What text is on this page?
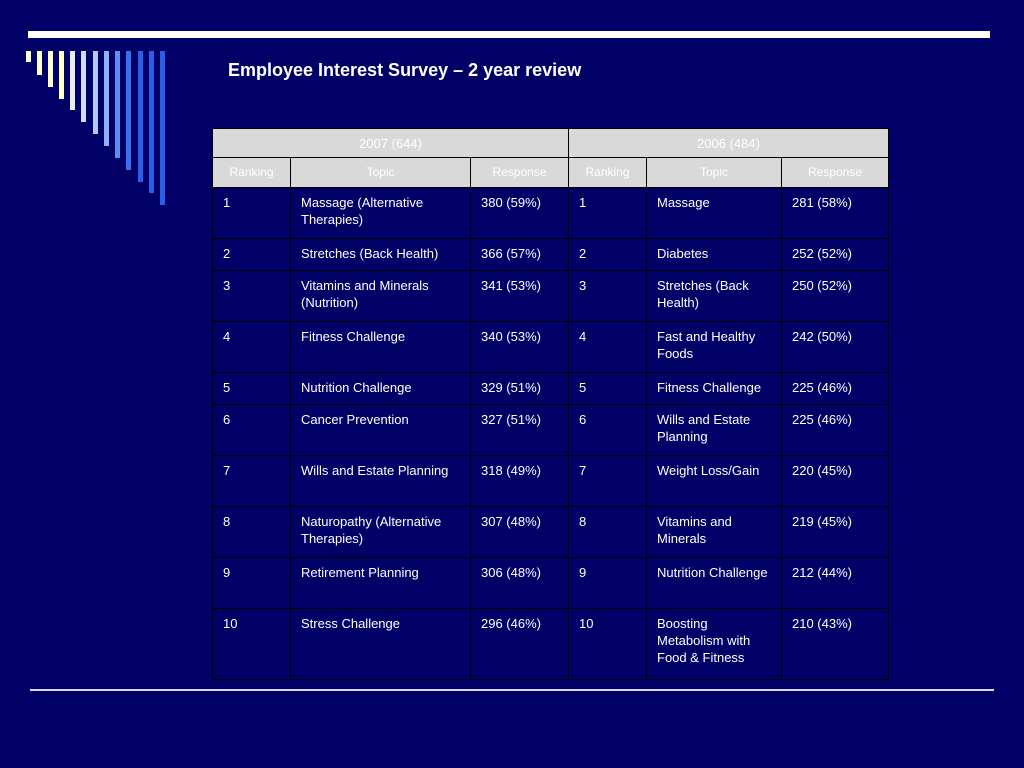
Employee Interest Survey – 2 year review
2007 (644)			2006 (484)		
Ranking	Topic	Response	Ranking	Topic	Response
1	Massage (Alternative Therapies)	380 (59%)	1	Massage	281 (58%)
2	Stretches (Back Health)	366 (57%)	2	Diabetes	252 (52%)
3	Vitamins and Minerals (Nutrition)	341 (53%)	3	Stretches (Back Health)	250 (52%)
4	Fitness Challenge	340 (53%)	4	Fast and Healthy Foods	242 (50%)
5	Nutrition Challenge	329 (51%)	5	Fitness Challenge	225 (46%)
6	Cancer Prevention	327 (51%)	6	Wills and Estate Planning	225 (46%)
7	Wills and Estate Planning	318 (49%)	7	Weight Loss/Gain	220 (45%)
8	Naturopathy (Alternative Therapies)	307 (48%)	8	Vitamins and Minerals	219 (45%)
9	Retirement Planning	306 (48%)	9	Nutrition Challenge	212 (44%)
10	Stress Challenge	296 (46%)	10	Boosting Metabolism with Food & Fitness	210 (43%)
